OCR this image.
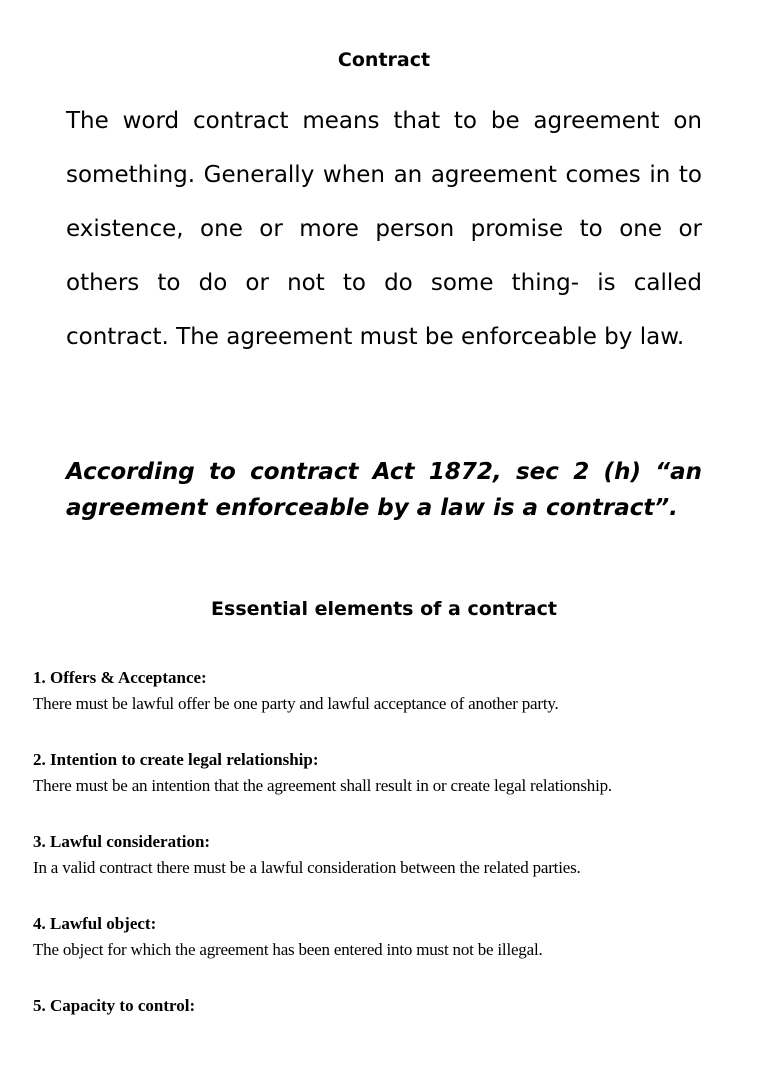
Contract

The word contract means that to be agreement on something. Generally when an agreement comes in to existence, one or more person promise to one or others to do or not to do some thing- is called contract. The agreement must be enforceable by law.

According to contract Act 1872, sec 2 (h) “an agreement enforceable by a law is a contract”.

Essential elements of a contract

1. Offers & Acceptance:

There must be lawful offer be one party and lawful acceptance of another party.

2. Intention to create legal relationship:

There must be an intention that the agreement shall result in or create legal relationship.

3. Lawful consideration:

In a valid contract there must be a lawful consideration between the related parties.

4. Lawful object:

The object for which the agreement has been entered into must not be illegal.

5. Capacity to control:
